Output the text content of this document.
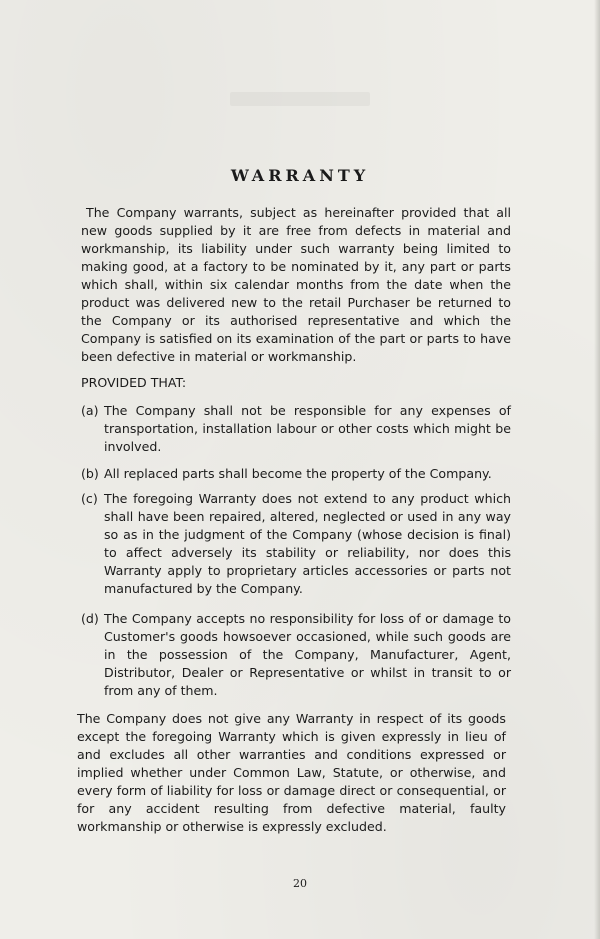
WARRANTY

The Company warrants, subject as hereinafter provided that all new goods supplied by it are free from defects in material and workmanship, its liability under such warranty being limited to making good, at a factory to be nominated by it, any part or parts which shall, within six calendar months from the date when the product was delivered new to the retail Purchaser be returned to the Company or its authorised representative and which the Company is satisfied on its examination of the part or parts to have been defective in material or workmanship.

PROVIDED THAT:

(a) The Company shall not be responsible for any expenses of transportation, installation labour or other costs which might be involved.

(b) All replaced parts shall become the property of the Company.

(c) The foregoing Warranty does not extend to any product which shall have been repaired, altered, neglected or used in any way so as in the judgment of the Company (whose decision is final) to affect adversely its stability or reliability, nor does this Warranty apply to proprietary articles accessories or parts not manufactured by the Company.

(d) The Company accepts no responsibility for loss of or damage to Customer's goods howsoever occasioned, while such goods are in the possession of the Company, Manufacturer, Agent, Distributor, Dealer or Representative or whilst in transit to or from any of them.

The Company does not give any Warranty in respect of its goods except the foregoing Warranty which is given expressly in lieu of and excludes all other warranties and conditions expressed or implied whether under Common Law, Statute, or otherwise, and every form of liability for loss or damage direct or consequential, or for any accident resulting from defective material, faulty workmanship or otherwise is expressly excluded.

20
